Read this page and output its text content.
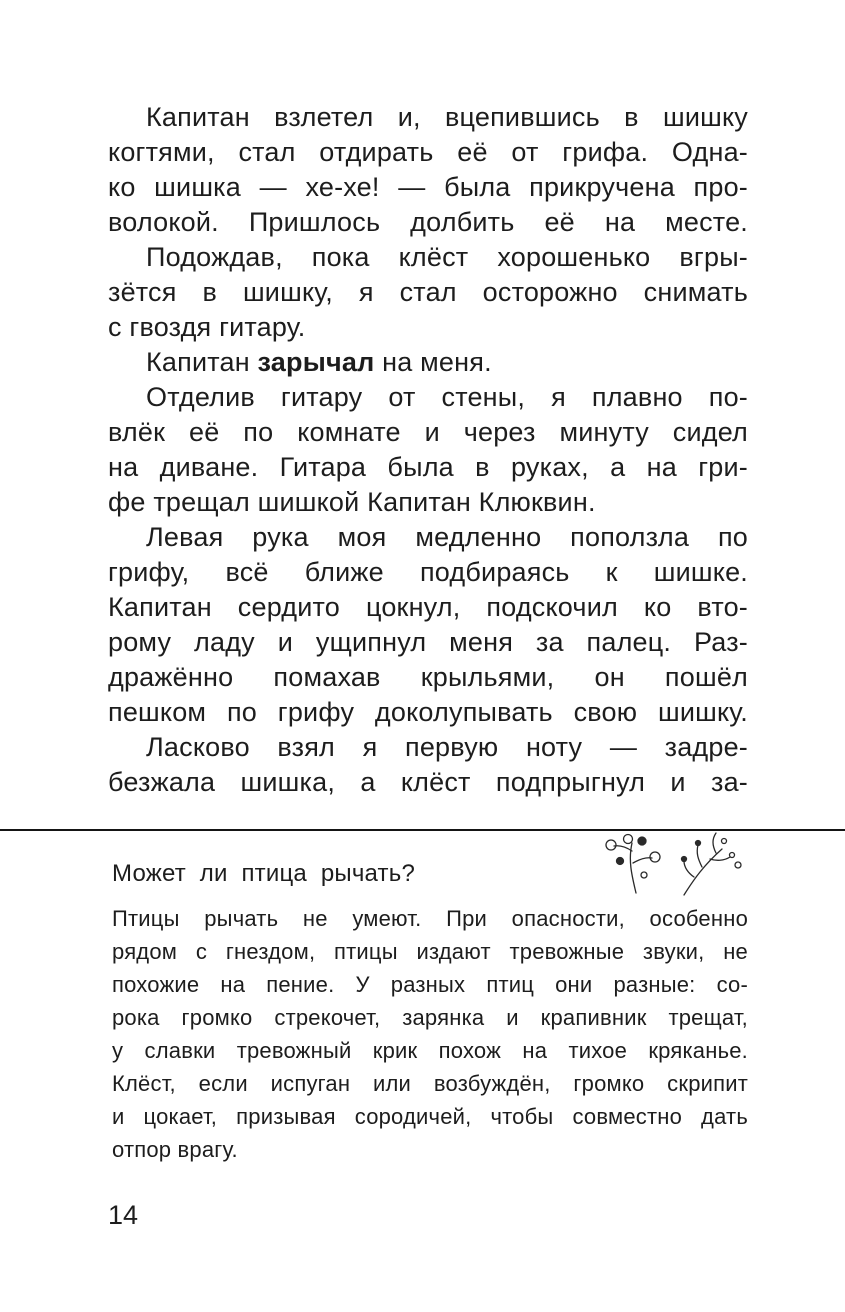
Капитан взлетел и, вцепившись в шишку
когтями, стал отдирать её от грифа. Одна-
ко шишка — хе-хе! — была прикручена про-
волокой. Пришлось долбить её на месте.
Подождав, пока клёст хорошенько вгры-
зётся в шишку, я стал осторожно снимать
с гвоздя гитару.
Капитан зарычал на меня.
Отделив гитару от стены, я плавно по-
влёк её по комнате и через минуту сидел
на диване. Гитара была в руках, а на гри-
фе трещал шишкой Капитан Клюквин.
Левая рука моя медленно поползла по
грифу, всё ближе подбираясь к шишке.
Капитан сердито цокнул, подскочил ко вто-
рому ладу и ущипнул меня за палец. Раз-
дражённо помахав крыльями, он пошёл
пешком по грифу доколупывать свою шишку.
Ласково взял я первую ноту — задре-
безжала шишка, а клёст подпрыгнул и за-
Может ли птица рычать?
Птицы рычать не умеют. При опасности, особенно
рядом с гнездом, птицы издают тревожные звуки, не
похожие на пение. У разных птиц они разные: со-
рока громко стрекочет, зарянка и крапивник трещат,
у славки тревожный крик похож на тихое кряканье.
Клёст, если испуган или возбуждён, громко скрипит
и цокает, призывая сородичей, чтобы совместно дать
отпор врагу.
14
